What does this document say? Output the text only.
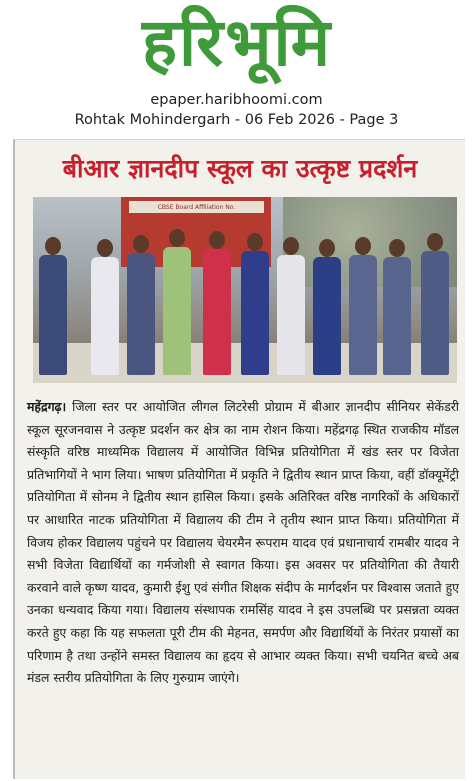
हरिभूमि
epaper.haribhoomi.com
Rohtak Mohindergarh - 06 Feb 2026 - Page 3
बीआर ज्ञानदीप स्कूल का उत्कृष्ट प्रदर्शन
CBSE Board Affiliation No.
महेंद्रगढ़। जिला स्तर पर आयोजित लीगल लिटरेसी प्रोग्राम में बीआर ज्ञानदीप सीनियर सेकेंडरी स्कूल सूरजनवास ने उत्कृष्ट प्रदर्शन कर क्षेत्र का नाम रोशन किया। महेंद्रगढ़ स्थित राजकीय मॉडल संस्कृति वरिष्ठ माध्यमिक विद्यालय में आयोजित विभिन्न प्रतियोगिता में खंड स्तर पर विजेता प्रतिभागियों ने भाग लिया। भाषण प्रतियोगिता में प्रकृति ने द्वितीय स्थान प्राप्त किया, वहीं डॉक्यूमेंट्री प्रतियोगिता में सोनम ने द्वितीय स्थान हासिल किया। इसके अतिरिक्त वरिष्ठ नागरिकों के अधिकारों पर आधारित नाटक प्रतियोगिता में विद्यालय की टीम ने तृतीय स्थान प्राप्त किया। प्रतियोगिता में विजय होकर विद्यालय पहुंचने पर विद्यालय चेयरमैन रूपराम यादव एवं प्रधानाचार्य रामबीर यादव ने सभी विजेता विद्यार्थियों का गर्मजोशी से स्वागत किया। इस अवसर पर प्रतियोगिता की तैयारी करवाने वाले कृष्ण यादव, कुमारी ईशु एवं संगीत शिक्षक संदीप के मार्गदर्शन पर विश्वास जताते हुए उनका धन्यवाद किया गया। विद्यालय संस्थापक रामसिंह यादव ने इस उपलब्धि पर प्रसन्नता व्यक्त करते हुए कहा कि यह सफलता पूरी टीम की मेहनत, समर्पण और विद्यार्थियों के निरंतर प्रयासों का परिणाम है तथा उन्होंने समस्त विद्यालय का हृदय से आभार व्यक्त किया। सभी चयनित बच्चे अब मंडल स्तरीय प्रतियोगिता के लिए गुरुग्राम जाएंगे।
